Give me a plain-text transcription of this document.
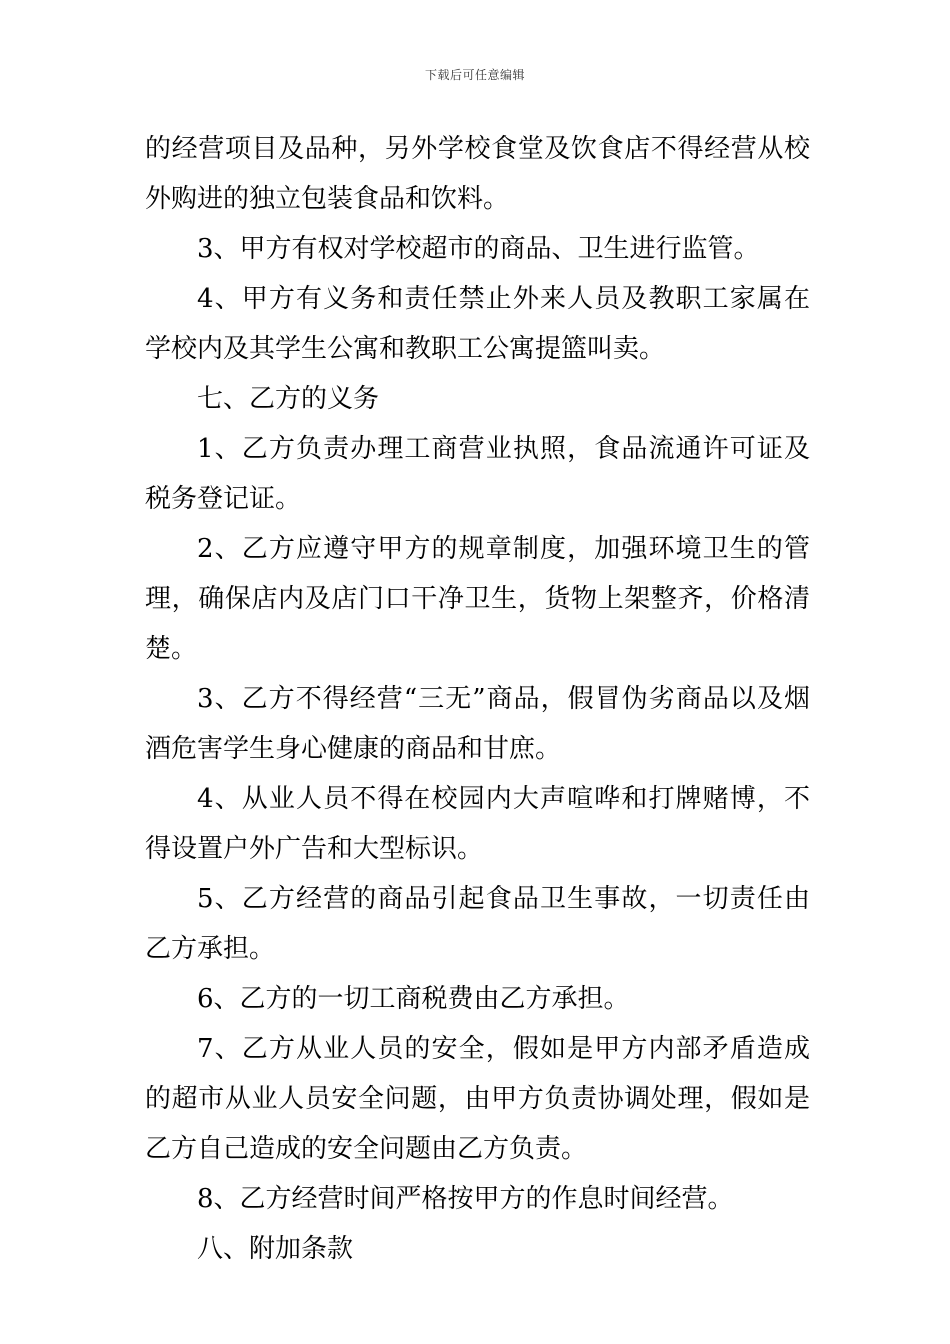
下载后可任意编辑

的经营项目及品种，另外学校食堂及饮食店不得经营从校外购进的独立包装食品和饮料。

3、甲方有权对学校超市的商品、卫生进行监管。

4、甲方有义务和责任禁止外来人员及教职工家属在学校内及其学生公寓和教职工公寓提篮叫卖。

七、乙方的义务

1、乙方负责办理工商营业执照，食品流通许可证及税务登记证。

2、乙方应遵守甲方的规章制度，加强环境卫生的管理，确保店内及店门口干净卫生，货物上架整齐，价格清楚。

3、乙方不得经营“三无”商品，假冒伪劣商品以及烟酒危害学生身心健康的商品和甘庶。

4、从业人员不得在校园内大声喧哗和打牌赌博，不得设置户外广告和大型标识。

5、乙方经营的商品引起食品卫生事故，一切责任由乙方承担。

6、乙方的一切工商税费由乙方承担。

7、乙方从业人员的安全，假如是甲方内部矛盾造成的超市从业人员安全问题，由甲方负责协调处理，假如是乙方自己造成的安全问题由乙方负责。

8、乙方经营时间严格按甲方的作息时间经营。

八、附加条款
